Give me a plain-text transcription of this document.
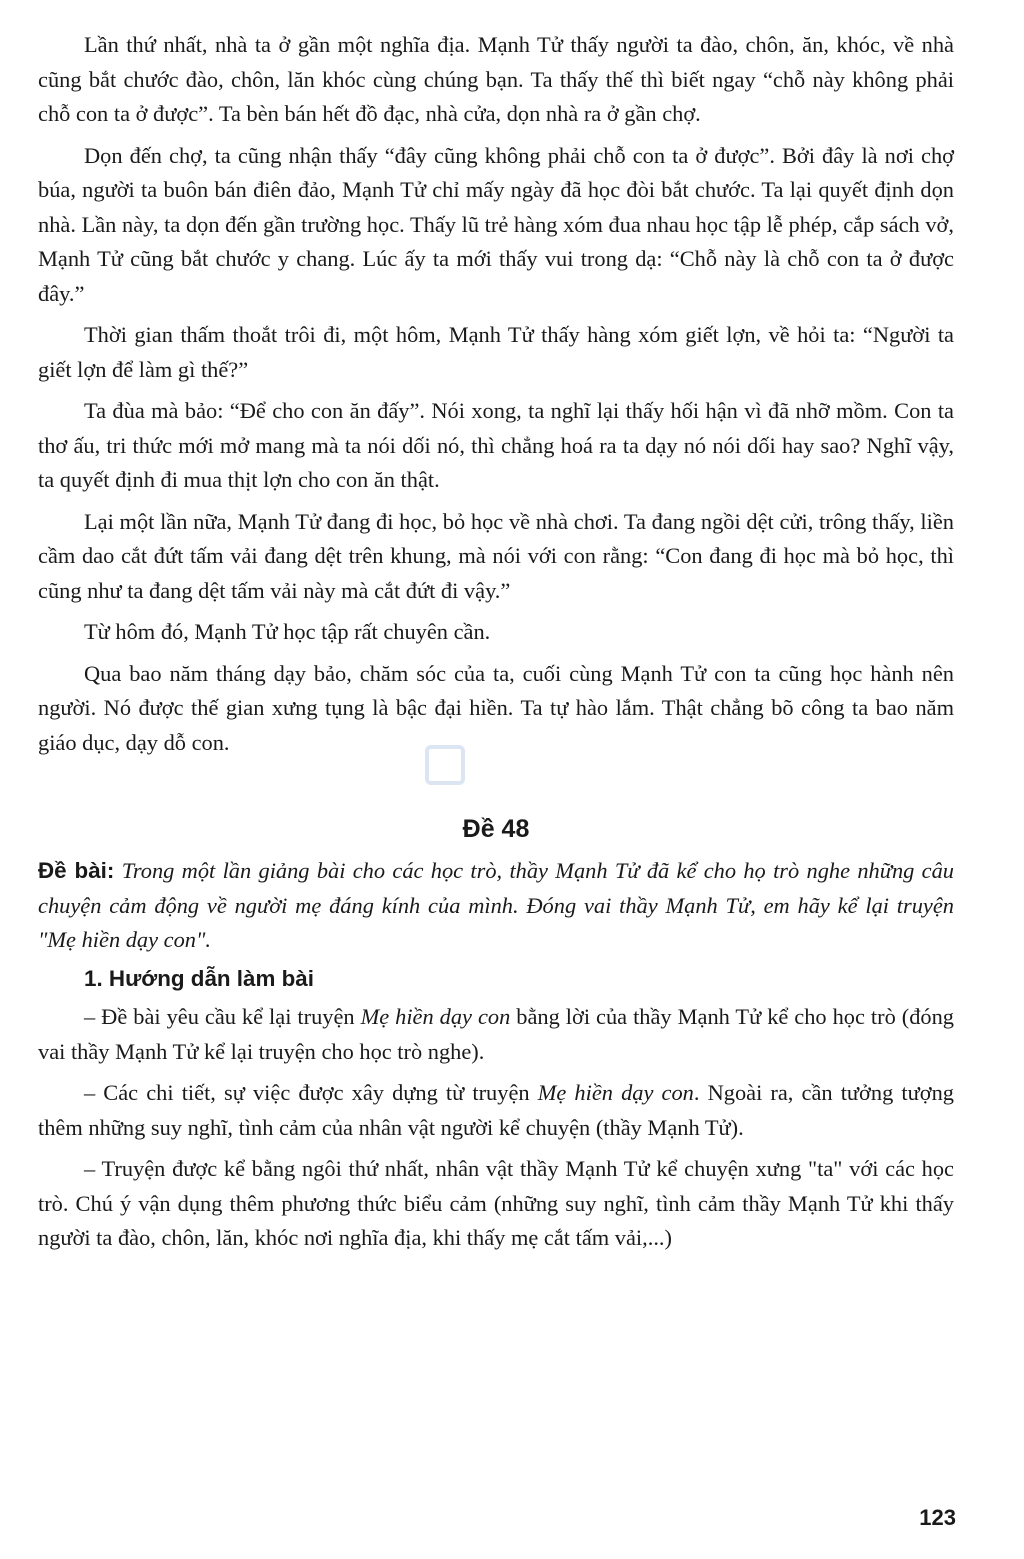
Lần thứ nhất, nhà ta ở gần một nghĩa địa. Mạnh Tử thấy người ta đào, chôn, ăn, khóc, về nhà cũng bắt chước đào, chôn, lăn khóc cùng chúng bạn. Ta thấy thế thì biết ngay “chỗ này không phải chỗ con ta ở được”. Ta bèn bán hết đồ đạc, nhà cửa, dọn nhà ra ở gần chợ.

Dọn đến chợ, ta cũng nhận thấy “đây cũng không phải chỗ con ta ở được”. Bởi đây là nơi chợ búa, người ta buôn bán điên đảo, Mạnh Tử chỉ mấy ngày đã học đòi bắt chước. Ta lại quyết định dọn nhà. Lần này, ta dọn đến gần trường học. Thấy lũ trẻ hàng xóm đua nhau học tập lễ phép, cắp sách vở, Mạnh Tử cũng bắt chước y chang. Lúc ấy ta mới thấy vui trong dạ: “Chỗ này là chỗ con ta ở được đây.”

Thời gian thấm thoắt trôi đi, một hôm, Mạnh Tử thấy hàng xóm giết lợn, về hỏi ta: “Người ta giết lợn để làm gì thế?”

Ta đùa mà bảo: “Để cho con ăn đấy”. Nói xong, ta nghĩ lại thấy hối hận vì đã nhỡ mồm. Con ta thơ ấu, tri thức mới mở mang mà ta nói dối nó, thì chẳng hoá ra ta dạy nó nói dối hay sao? Nghĩ vậy, ta quyết định đi mua thịt lợn cho con ăn thật.

Lại một lần nữa, Mạnh Tử đang đi học, bỏ học về nhà chơi. Ta đang ngồi dệt cửi, trông thấy, liền cầm dao cắt đứt tấm vải đang dệt trên khung, mà nói với con rằng: “Con đang đi học mà bỏ học, thì cũng như ta đang dệt tấm vải này mà cắt đứt đi vậy.”

Từ hôm đó, Mạnh Tử học tập rất chuyên cần.

Qua bao năm tháng dạy bảo, chăm sóc của ta, cuối cùng Mạnh Tử con ta cũng học hành nên người. Nó được thế gian xưng tụng là bậc đại hiền. Ta tự hào lắm. Thật chẳng bõ công ta bao năm giáo dục, dạy dỗ con.

Đề 48

Đề bài: Trong một lần giảng bài cho các học trò, thầy Mạnh Tử đã kể cho họ trò nghe những câu chuyện cảm động về người mẹ đáng kính của mình. Đóng vai thầy Mạnh Tử, em hãy kể lại truyện "Mẹ hiền dạy con".

1. Hướng dẫn làm bài

– Đề bài yêu cầu kể lại truyện Mẹ hiền dạy con bằng lời của thầy Mạnh Tử kể cho học trò (đóng vai thầy Mạnh Tử kể lại truyện cho học trò nghe).

– Các chi tiết, sự việc được xây dựng từ truyện Mẹ hiền dạy con. Ngoài ra, cần tưởng tượng thêm những suy nghĩ, tình cảm của nhân vật người kể chuyện (thầy Mạnh Tử).

– Truyện được kể bằng ngôi thứ nhất, nhân vật thầy Mạnh Tử kể chuyện xưng "ta" với các học trò. Chú ý vận dụng thêm phương thức biểu cảm (những suy nghĩ, tình cảm thầy Mạnh Tử khi thấy người ta đào, chôn, lăn, khóc nơi nghĩa địa, khi thấy mẹ cắt tấm vải,...)

123
